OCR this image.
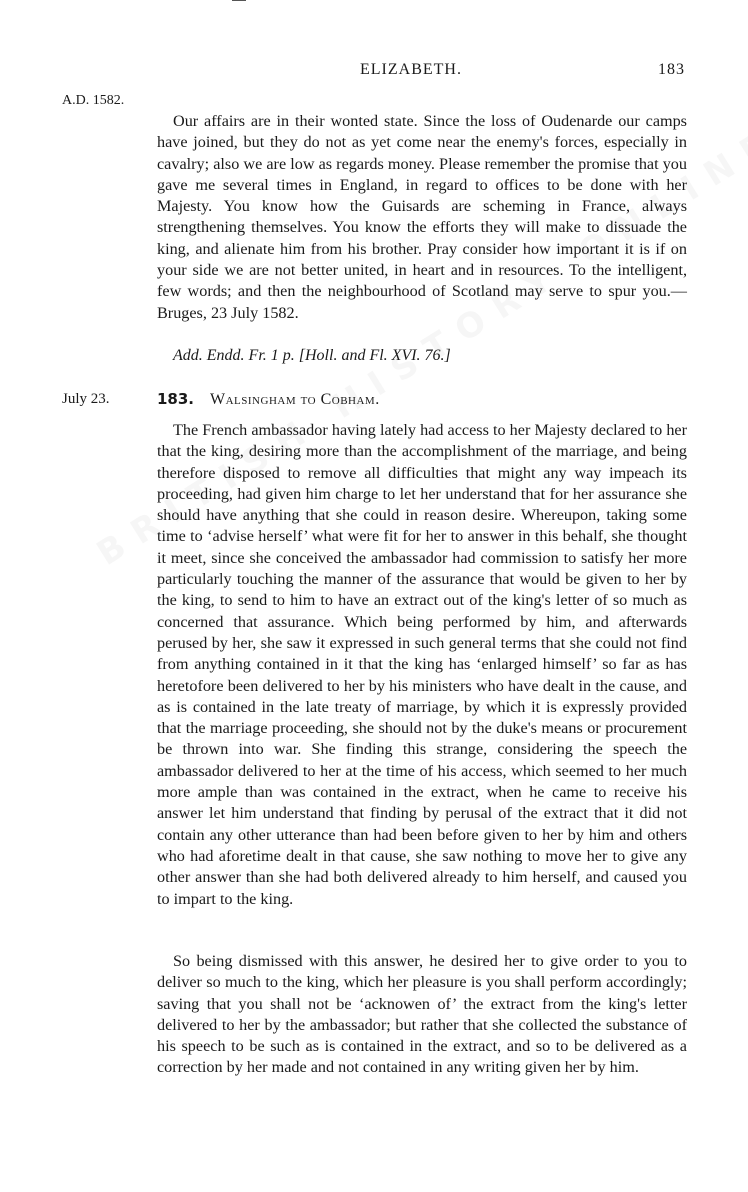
ELIZABETH.	183
A.D. 1582.

Our affairs are in their wonted state. Since the loss of Oudenarde our camps have joined, but they do not as yet come near the enemy's forces, especially in cavalry; also we are low as regards money. Please remember the promise that you gave me several times in England, in regard to offices to be done with her Majesty. You know how the Guisards are scheming in France, always strengthening themselves. You know the efforts they will make to dissuade the king, and alienate him from his brother. Pray consider how important it is if on your side we are not better united, in heart and in resources. To the intelligent, few words; and then the neighbourhood of Scotland may serve to spur you.—Bruges, 23 July 1582.

Add. Endd. Fr. 1 p. [Holl. and Fl. XVI. 76.]
July 23.	183. Walsingham to Cobham.

The French ambassador having lately had access to her Majesty declared to her that the king, desiring more than the accomplishment of the marriage, and being therefore disposed to remove all difficulties that might any way impeach its proceeding, had given him charge to let her understand that for her assurance she should have anything that she could in reason desire. Whereupon, taking some time to ‘advise herself’ what were fit for her to answer in this behalf, she thought it meet, since she conceived the ambassador had commission to satisfy her more particularly touching the manner of the assurance that would be given to her by the king, to send to him to have an extract out of the king's letter of so much as concerned that assurance. Which being performed by him, and afterwards perused by her, she saw it expressed in such general terms that she could not find from anything contained in it that the king has ‘enlarged himself’ so far as has heretofore been delivered to her by his ministers who have dealt in the cause, and as is contained in the late treaty of marriage, by which it is expressly provided that the marriage proceeding, she should not by the duke's means or procurement be thrown into war. She finding this strange, considering the speech the ambassador delivered to her at the time of his access, which seemed to her much more ample than was contained in the extract, when he came to receive his answer let him understand that finding by perusal of the extract that it did not contain any other utterance than had been before given to her by him and others who had aforetime dealt in that cause, she saw nothing to move her to give any other answer than she had both delivered already to him herself, and caused you to impart to the king.

So being dismissed with this answer, he desired her to give order to you to deliver so much to the king, which her pleasure is you shall perform accordingly; saving that you shall not be ‘acknowen of’ the extract from the king's letter delivered to her by the ambassador; but rather that she collected the substance of his speech to be such as is contained in the extract, and so to be delivered as a correction by her made and not contained in any writing given her by him.
